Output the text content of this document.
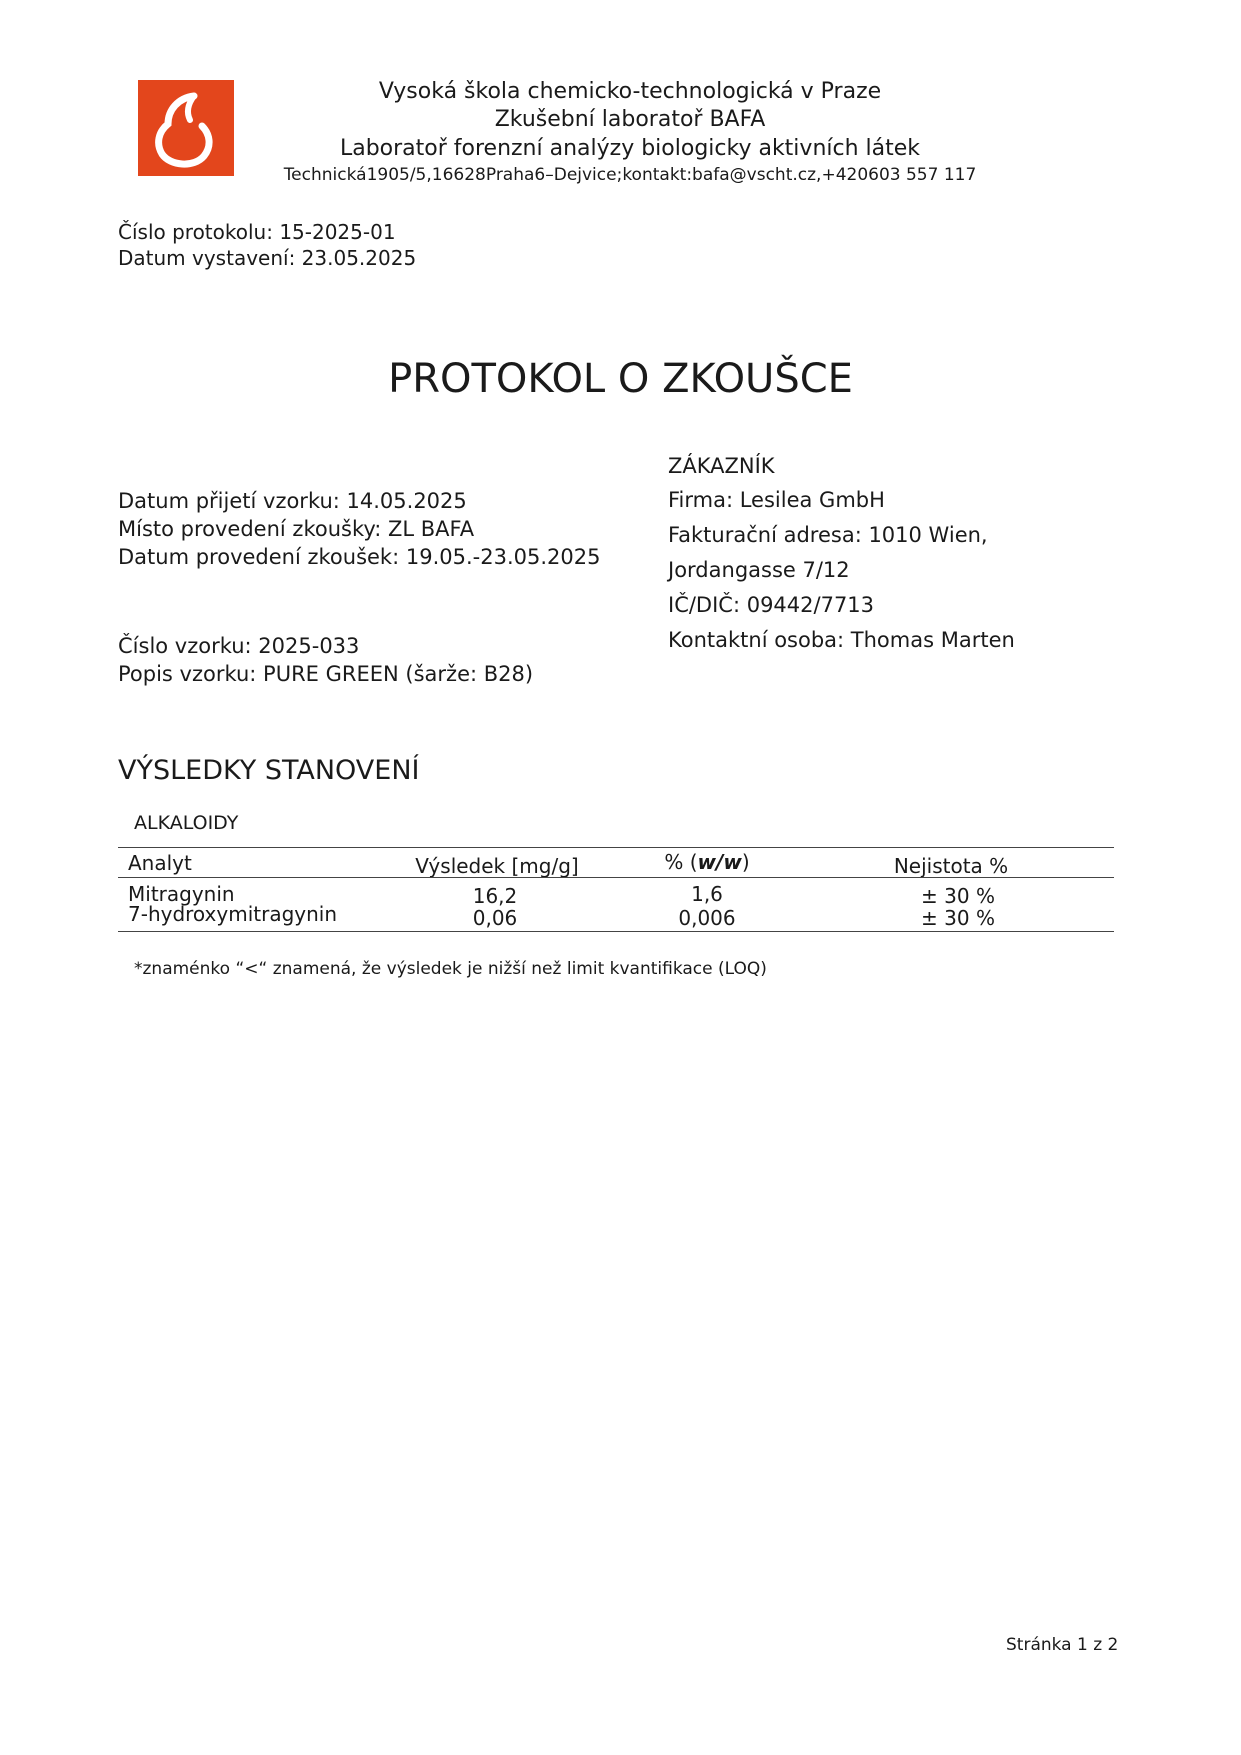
Vysoká škola chemicko-technologická v Praze
Zkušební laboratoř BAFA
Laboratoř forenzní analýzy biologicky aktivních látek
Technická1905/5,16628Praha6–Dejvice;kontakt:bafa@vscht.cz,+420603 557 117
Číslo protokolu: 15-2025-01
Datum vystavení: 23.05.2025
PROTOKOL O ZKOUŠCE
Datum přijetí vzorku: 14.05.2025
Místo provedení zkoušky: ZL BAFA
Datum provedení zkoušek: 19.05.-23.05.2025
Číslo vzorku: 2025-033
Popis vzorku: PURE GREEN (šarže: B28)
ZÁKAZNÍK
Firma: Lesilea GmbH
Fakturační adresa: 1010 Wien,
Jordangasse 7/12
IČ/DIČ: 09442/7713
Kontaktní osoba: Thomas Marten
VÝSLEDKY STANOVENÍ
ALKALOIDY
Analyt	Výsledek [mg/g]	% (w/w)	Nejistota %
Mitragynin	16,2	1,6	± 30 %
7-hydroxymitragynin	0,06	0,006	± 30 %
*znaménko “<“ znamená, že výsledek je nižší než limit kvantifikace (LOQ)
Stránka 1 z 2
